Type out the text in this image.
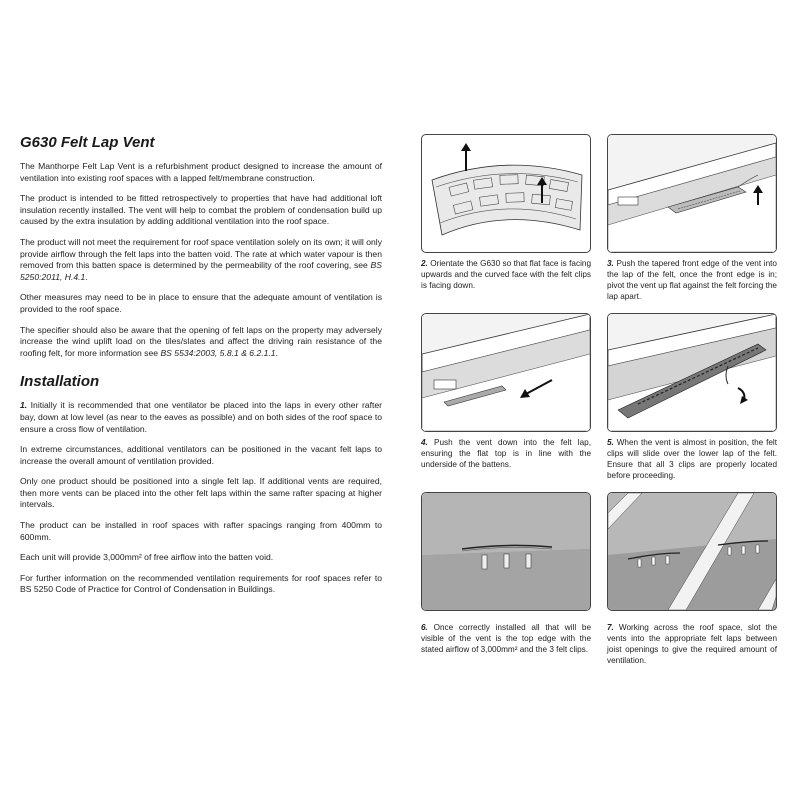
G630 Felt Lap Vent

The Manthorpe Felt Lap Vent is a refurbishment product designed to increase the amount of ventilation into existing roof spaces with a lapped felt/membrane construction.

The product is intended to be fitted retrospectively to properties that have had additional loft insulation recently installed. The vent will help to combat the problem of condensation build up caused by the extra insulation by adding additional ventilation into the roof space.

The product will not meet the requirement for roof space ventilation solely on its own; it will only provide airflow through the felt laps into the batten void. The rate at which water vapour is then removed from this batten space is determined by the permeability of the roof covering, see BS 5250:2011, H.4.1.

Other measures may need to be in place to ensure that the adequate amount of ventilation is provided to the roof space.

The specifier should also be aware that the opening of felt laps on the property may adversely increase the wind uplift load on the tiles/slates and affect the driving rain resistance of the roofing felt, for more information see BS 5534:2003, 5.8.1 & 6.2.1.1.

Installation

1. Initially it is recommended that one ventilator be placed into the laps in every other rafter bay, down at low level (as near to the eaves as possible) and on both sides of the roof space to ensure a cross flow of ventilation.

In extreme circumstances, additional ventilators can be positioned in the vacant felt laps to increase the overall amount of ventilation provided.

Only one product should be positioned into a single felt lap. If additional vents are required, then more vents can be placed into the other felt laps within the same rafter spacing at higher intervals.

The product can be installed in roof spaces with rafter spacings ranging from 400mm to 600mm.

Each unit will provide 3,000mm² of free airflow into the batten void.

For further information on the recommended ventilation requirements for roof spaces refer to BS 5250 Code of Practice for Control of Condensation in Buildings.

2. Orientate the G630 so that flat face is facing upwards and the curved face with the felt clips is facing down.
3. Push the tapered front edge of the vent into the lap of the felt, once the front edge is in; pivot the vent up flat against the felt forcing the lap apart.
4. Push the vent down into the felt lap, ensuring the flat top is in line with the underside of the battens.
5. When the vent is almost in position, the felt clips will slide over the lower lap of the felt. Ensure that all 3 clips are properly located before proceeding.
6. Once correctly installed all that will be visible of the vent is the top edge with the stated airflow of 3,000mm² and the 3 felt clips.
7. Working across the roof space, slot the vents into the appropriate felt laps between joist openings to give the required amount of ventilation.
